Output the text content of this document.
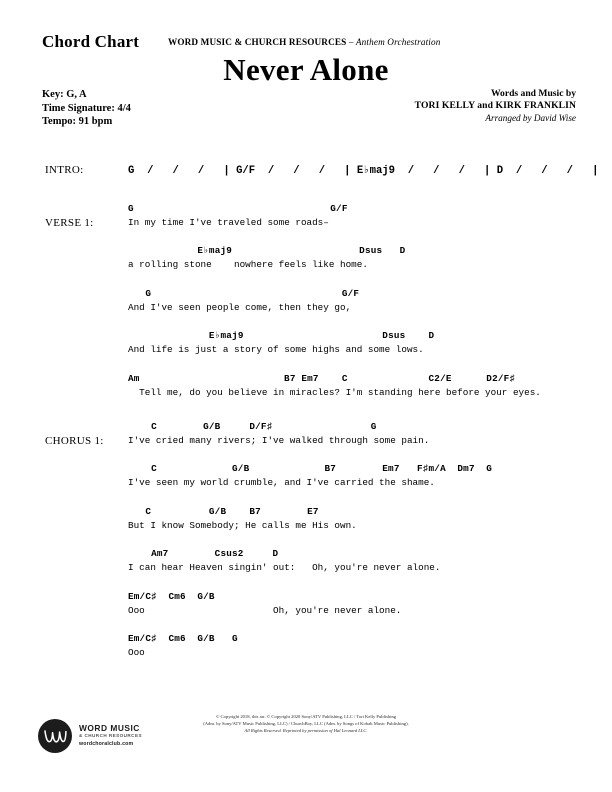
Chord Chart	WORD MUSIC & CHURCH RESOURCES – Anthem Orchestration
Never Alone
Key: G, A
Time Signature: 4/4
Tempo: 91 bpm
Words and Music by
TORI KELLY and KIRK FRANKLIN
Arranged by David Wise
INTRO:	G  /   /   /   | G/F  /   /   /   | E♭maj9  /   /   /   | D  /   /   /   |
VERSE 1:
G                                  G/F
In my time I've traveled some roads–
E♭maj9                      Dsus   D
a rolling stone    nowhere feels like home.
G                                 G/F
And I've seen people come, then they go,
E♭maj9                        Dsus    D
And life is just a story of some highs and some lows.
Am                         B7 Em7    C              C2/E      D2/F♯
Tell me, do you believe in miracles? I'm standing here before your eyes.
CHORUS 1:
C        G/B     D/F♯                 G
I've cried many rivers; I've walked through some pain.
C             G/B             B7        Em7   F♯m/A  Dm7  G
I've seen my world crumble, and I've carried the shame.
C          G/B    B7        E7
But I know Somebody; He calls me His own.
Am7        Csus2     D
I can hear Heaven singin' out:   Oh, you're never alone.
Em/C♯  Cm6  G/B
Ooo                       Oh, you're never alone.
Em/C♯  Cm6  G/B   G
Ooo
© Copyright 2018, this arr. © Copyright 2020 Sony/ATV Publishing, LLC / Tori Kelly Publishing
(Adm. by Sony/ATV Music Publishing, LLC) / ChurchBoy, LLC (Adm. by Songs of Kobalt Music Publishing).
All Rights Reserved. Reprinted by permission of Hal Leonard LLC.
WORD MUSIC
& CHURCH RESOURCES
wordchoralclub.com
